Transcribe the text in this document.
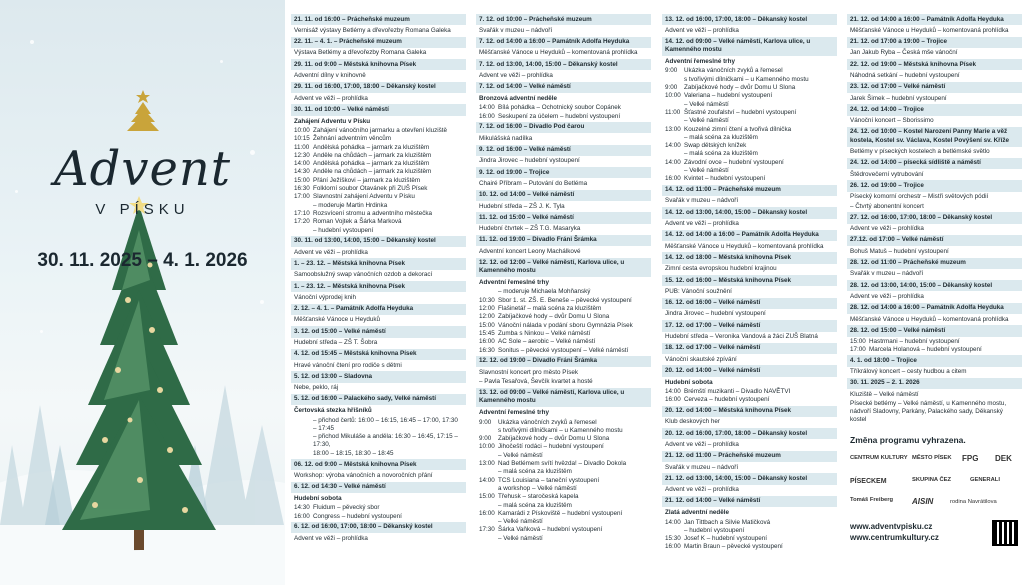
Advent
V PÍSKU
30. 11. 2025 – 4. 1. 2026
21. 11. od 16:00 – Prácheňské muzeum
Vernisáž výstavy Betlémy a dřevořezby Romana Galeka
22. 11. – 4. 1. – Prácheňské muzeum
Výstava Betlémy a dřevořezby Romana Galeka
29. 11. od 9:00 – Městská knihovna Písek
Adventní dílny v knihovně
29. 11. od 16:00, 17:00, 18:00 – Děkanský kostel
Advent ve věži – prohlídka
30. 11. od 10:00 – Velké náměstí
Zahájení Adventu v Písku
10:00 Zahájení vánočního jarmarku a otevření kluziště
10:15 Žehnání adventním věncům
11:00 Andělská pohádka – jarmark za kluzištěm
12:30 Anděle na chůdách – jarmark za kluzištěm
14:00 Andělská pohádka – jarmark za kluzištěm
14:30 Anděle na chůdách – jarmark za kluzištěm
15:00 Přání Ježíškovi – jarmark za kluzištěm
16:30 Folklorní soubor Otavánek při ZUŠ Písek
17:00 Slavnostní zahájení Adventu v Písku
– moderuje Martin Hrdinka
17:10 Rozsvícení stromu a adventního městečka
17:20 Roman Vojtek a Šárka Marková
– hudební vystoupení
30. 11. od 13:00, 14:00, 15:00 – Děkanský kostel
Advent ve věži – prohlídka
1. – 23. 12. – Městská knihovna Písek
Samoobslužný swap vánočních ozdob a dekorací
1. – 23. 12. – Městská knihovna Písek
Vánoční výprodej knih
2. 12. – 4. 1. – Památník Adolfa Heyduka
Měšťanské Vánoce u Heyduků
3. 12. od 15:00 – Velké náměstí
Hudební středa – ZŠ T. Šobra
4. 12. od 15:45 – Městská knihovna Písek
Hravé vánoční čtení pro rodiče s dětmi
5. 12. od 13:00 – Sladovna
Nebe, peklo, ráj
5. 12. od 16:00 – Palackého sady, Velké náměstí
Čertovská stezka hříšníků
– přichod čertů: 16:00 – 16:15, 16:45 – 17:00, 17:30 – 17:45
– přichod Mikuláše a anděla: 16:30 – 16:45, 17:15 – 17:30,
18:00 – 18:15, 18:30 – 18:45
06. 12. od 9:00 – Městská knihovna Písek
Workshop: výroba vánočních a novoročních přání
6. 12. od 14:30 – Velké náměstí
Hudební sobota
14:30 Fluidum – pěvecký sbor
16:00 Congress – hudební vystoupení
6. 12. od 16:00, 17:00, 18:00 – Děkanský kostel
Advent ve věži – prohlídka
7. 12. od 10:00 – Prácheňské muzeum
Svařák v muzeu – nádvoří
7. 12. od 14:00 a 16:00 – Památník Adolfa Heyduka
Měšťanské Vánoce u Heyduků – komentovaná prohlídka
7. 12. od 13:00, 14:00, 15:00 – Děkanský kostel
Advent ve věži – prohlídka
7. 12. od 14:00 – Velké náměstí
Bronzová adventní neděle
14:00 Bílá pohádka – Ochotnický soubor Copánek
16:00 Seskupení za účelem – hudební vystoupení
7. 12. od 16:00 – Divadlo Pod čarou
Mikulášská nadílka
9. 12. od 16:00 – Velké náměstí
Jindra Jirovec – hudební vystoupení
9. 12. od 19:00 – Trojice
Chairé Příbram – Putování do Betléma
10. 12. od 14:00 – Velké náměstí
Hudební středa – ZŠ J. K. Tyla
11. 12. od 15:00 – Velké náměstí
Hudební čtvrtek – ZŠ T.G. Masaryka
11. 12. od 19:00 – Divadlo Fráni Šrámka
Adventní koncert Leony Machálkové
12. 12. od 12:00 – Velké náměstí, Karlova ulice, u Kamenného mostu
Adventní řemeslné trhy
– moderuje Michaela Mohňanský
10:30 Sbor 1. st. ZŠ. E. Beneše – pěvecké vystoupení
12:00 Flašinetář – malá scéna za kluzištěm
12:00 Zabíjačkové hody – dvůr Domu U Slona
15:00 Vánoční nálada v podání sboru Gymnázia Písek
15:45 Zumba s Ninkou – Velké náměstí
16:00 AC Sole – aerobic – Velké náměstí
16:30 Sonitus – pěvecké vystoupení – Velké náměstí
12. 12. od 19:00 – Divadlo Fráni Šrámka
Slavnostní koncert pro město Písek
– Pavla Tesařová, Ševčík kvartet a hosté
13. 12. od 09:00 – Velké náměstí, Karlova ulice, u Kamenného mostu
Adventní řemeslné trhy
9:00	Ukázka vánočních zvyků a řemesel
s tvořivými dílničkami – u Kamenného mostu
9:00	Zabíjačkové hody – dvůr Domu U Slona
10:00 Jihočeští rodáci – hudební vystoupení
– Velké náměstí
13:00 Nad Betlémem svítí hvězda! – Divadlo Dokola
– malá scéna za kluzištěm
14:00 TCS Louisiana – taneční vystoupení
a workshop – Velké náměstí
15:00 Třehusk – staročeská kapela
– malá scéna za kluzištěm
16:00 Kamarádi z Pískoviště – hudební vystoupení
– Velké náměstí
17:30 Šárka Vaňková – hudební vystoupení
– Velké náměstí
13. 12. od 16:00, 17:00, 18:00 – Děkanský kostel
Advent ve věži – prohlídka
14. 12. od 09:00 – Velké náměstí, Karlova ulice, u Kamenného mostu
Adventní řemeslné trhy
9:00	Ukázka vánočních zvyků a řemesel
s tvořivými dílničkami – u Kamenného mostu
9:00	Zabíjačkové hody – dvůr Domu U Slona
10:00 Valeriana – hudební vystoupení
– Velké náměstí
11:00 Šťastné zoufalství – hudební vystoupení
– Velké náměstí
13:00 Kouzelné zimní čtení a tvořivá dílnička
– malá scéna za kluzištěm
14:00 Swap dětských knížek
– malá scéna za kluzištěm
14:00 Závodní ovce – hudební vystoupení
– Velké náměstí
16:00 Kvintet – hudební vystoupení
14. 12. od 11:00 – Prácheňské muzeum
Svařák v muzeu – nádvoří
14. 12. od 13:00, 14:00, 15:00 – Děkanský kostel
Advent ve věži – prohlídka
14. 12. od 14:00 a 16:00 – Památník Adolfa Heyduka
Měšťanské Vánoce u Heyduků – komentovaná prohlídka
14. 12. od 18:00 – Městská knihovna Písek
Zimní cesta evropskou hudební krajinou
15. 12. od 16:00 – Městská knihovna Písek
PUB: Vánoční soužnění
16. 12. od 16:00 – Velké náměstí
Jindra Jirovec – hudební vystoupení
17. 12. od 17:00 – Velké náměstí
Hudební středa – Veronika Vandová a žáci ZUŠ Blatná
18. 12. od 17:00 – Velké náměstí
Vánoční skautské zpívání
20. 12. od 14:00 – Velké náměstí
Hudební sobota
14:00 Brémští muzikanti – Divadlo NAVĚTVI
16:00 Cerveza – hudební vystoupení
20. 12. od 14:00 – Městská knihovna Písek
Klub deskových her
20. 12. od 16:00, 17:00, 18:00 – Děkanský kostel
Advent ve věži – prohlídka
21. 12. od 11:00 – Prácheňské muzeum
Svařák v muzeu – nádvoří
21. 12. od 13:00, 14:00, 15:00 – Děkanský kostel
Advent ve věži – prohlídka
21. 12. od 14:00 – Velké náměstí
Zlatá adventní neděle
14:00 Jan Tittbach a Silvie Matičková
– hudební vystoupení
15:30 Josef K – hudební vystoupení
16:00 Martin Braun – pěvecké vystoupení
21. 12. od 14:00 a 16:00 – Památník Adolfa Heyduka
Měšťanské Vánoce u Heyduků – komentovaná prohlídka
21. 12. od 17:00 a 19:00 – Trojice
Jan Jakub Ryba – Česká mše vánoční
22. 12. od 19:00 – Městská knihovna Písek
Náhodná setkání – hudební vystoupení
23. 12. od 17:00 – Velké náměstí
Jarek Šimek – hudební vystoupení
24. 12. od 14:00 – Trojice
Vánoční koncert – Sborissimo
24. 12. od 10:00 – Kostel Narození Panny Marie a věž kostela, Kostel sv. Václava, Kostel Povýšení sv. Kříže
Betlémy v píseckých kostelech a betlémské světlo
24. 12. od 14:00 – písecká sídliště a náměstí
Štědrovečerní vytrubování
26. 12. od 19:00 – Trojice
Písecký komorní orchestr – Mistři světových pódií
– Čtvrtý abonentní koncert
27. 12. od 16:00, 17:00, 18:00 – Děkanský kostel
Advent ve věži – prohlídka
27.12. od 17:00 – Velké náměstí
Bohuš Matuš – hudební vystoupení
28. 12. od 11:00 – Prácheňské muzeum
Svařák v muzeu – nádvoří
28. 12. od 13:00, 14:00, 15:00 – Děkanský kostel
Advent ve věži – prohlídka
28. 12. od 14:00 a 16:00 – Památník Adolfa Heyduka
Měšťanské Vánoce u Heyduků – komentovaná prohlídka
28. 12. od 15:00 – Velké náměstí
15:00 Hastrmani – hudební vystoupení
17:00 Marcela Holanová – hudební vystoupení
4. 1. od 18:00 – Trojice
Tříkrálový koncert – cesty hudbou a citem
30. 11. 2025 – 2. 1. 2026
Kluziště – Velké náměstí
Písecké betlémy – Velké náměstí, u Kamenného mostu, nádvoří Sladovny, Parkány, Palackého sady, Děkanský kostel
Změna programu vyhrazena.
CENTRUM KULTURY MĚSTO PÍSEK FPG DEK
PÍSECKEM	SKUPINA ČEZ	GENERALI
Tomáš Freiberg AISIN	rodina Navrátilova
www.adventvpisku.cz
www.centrumkultury.cz
